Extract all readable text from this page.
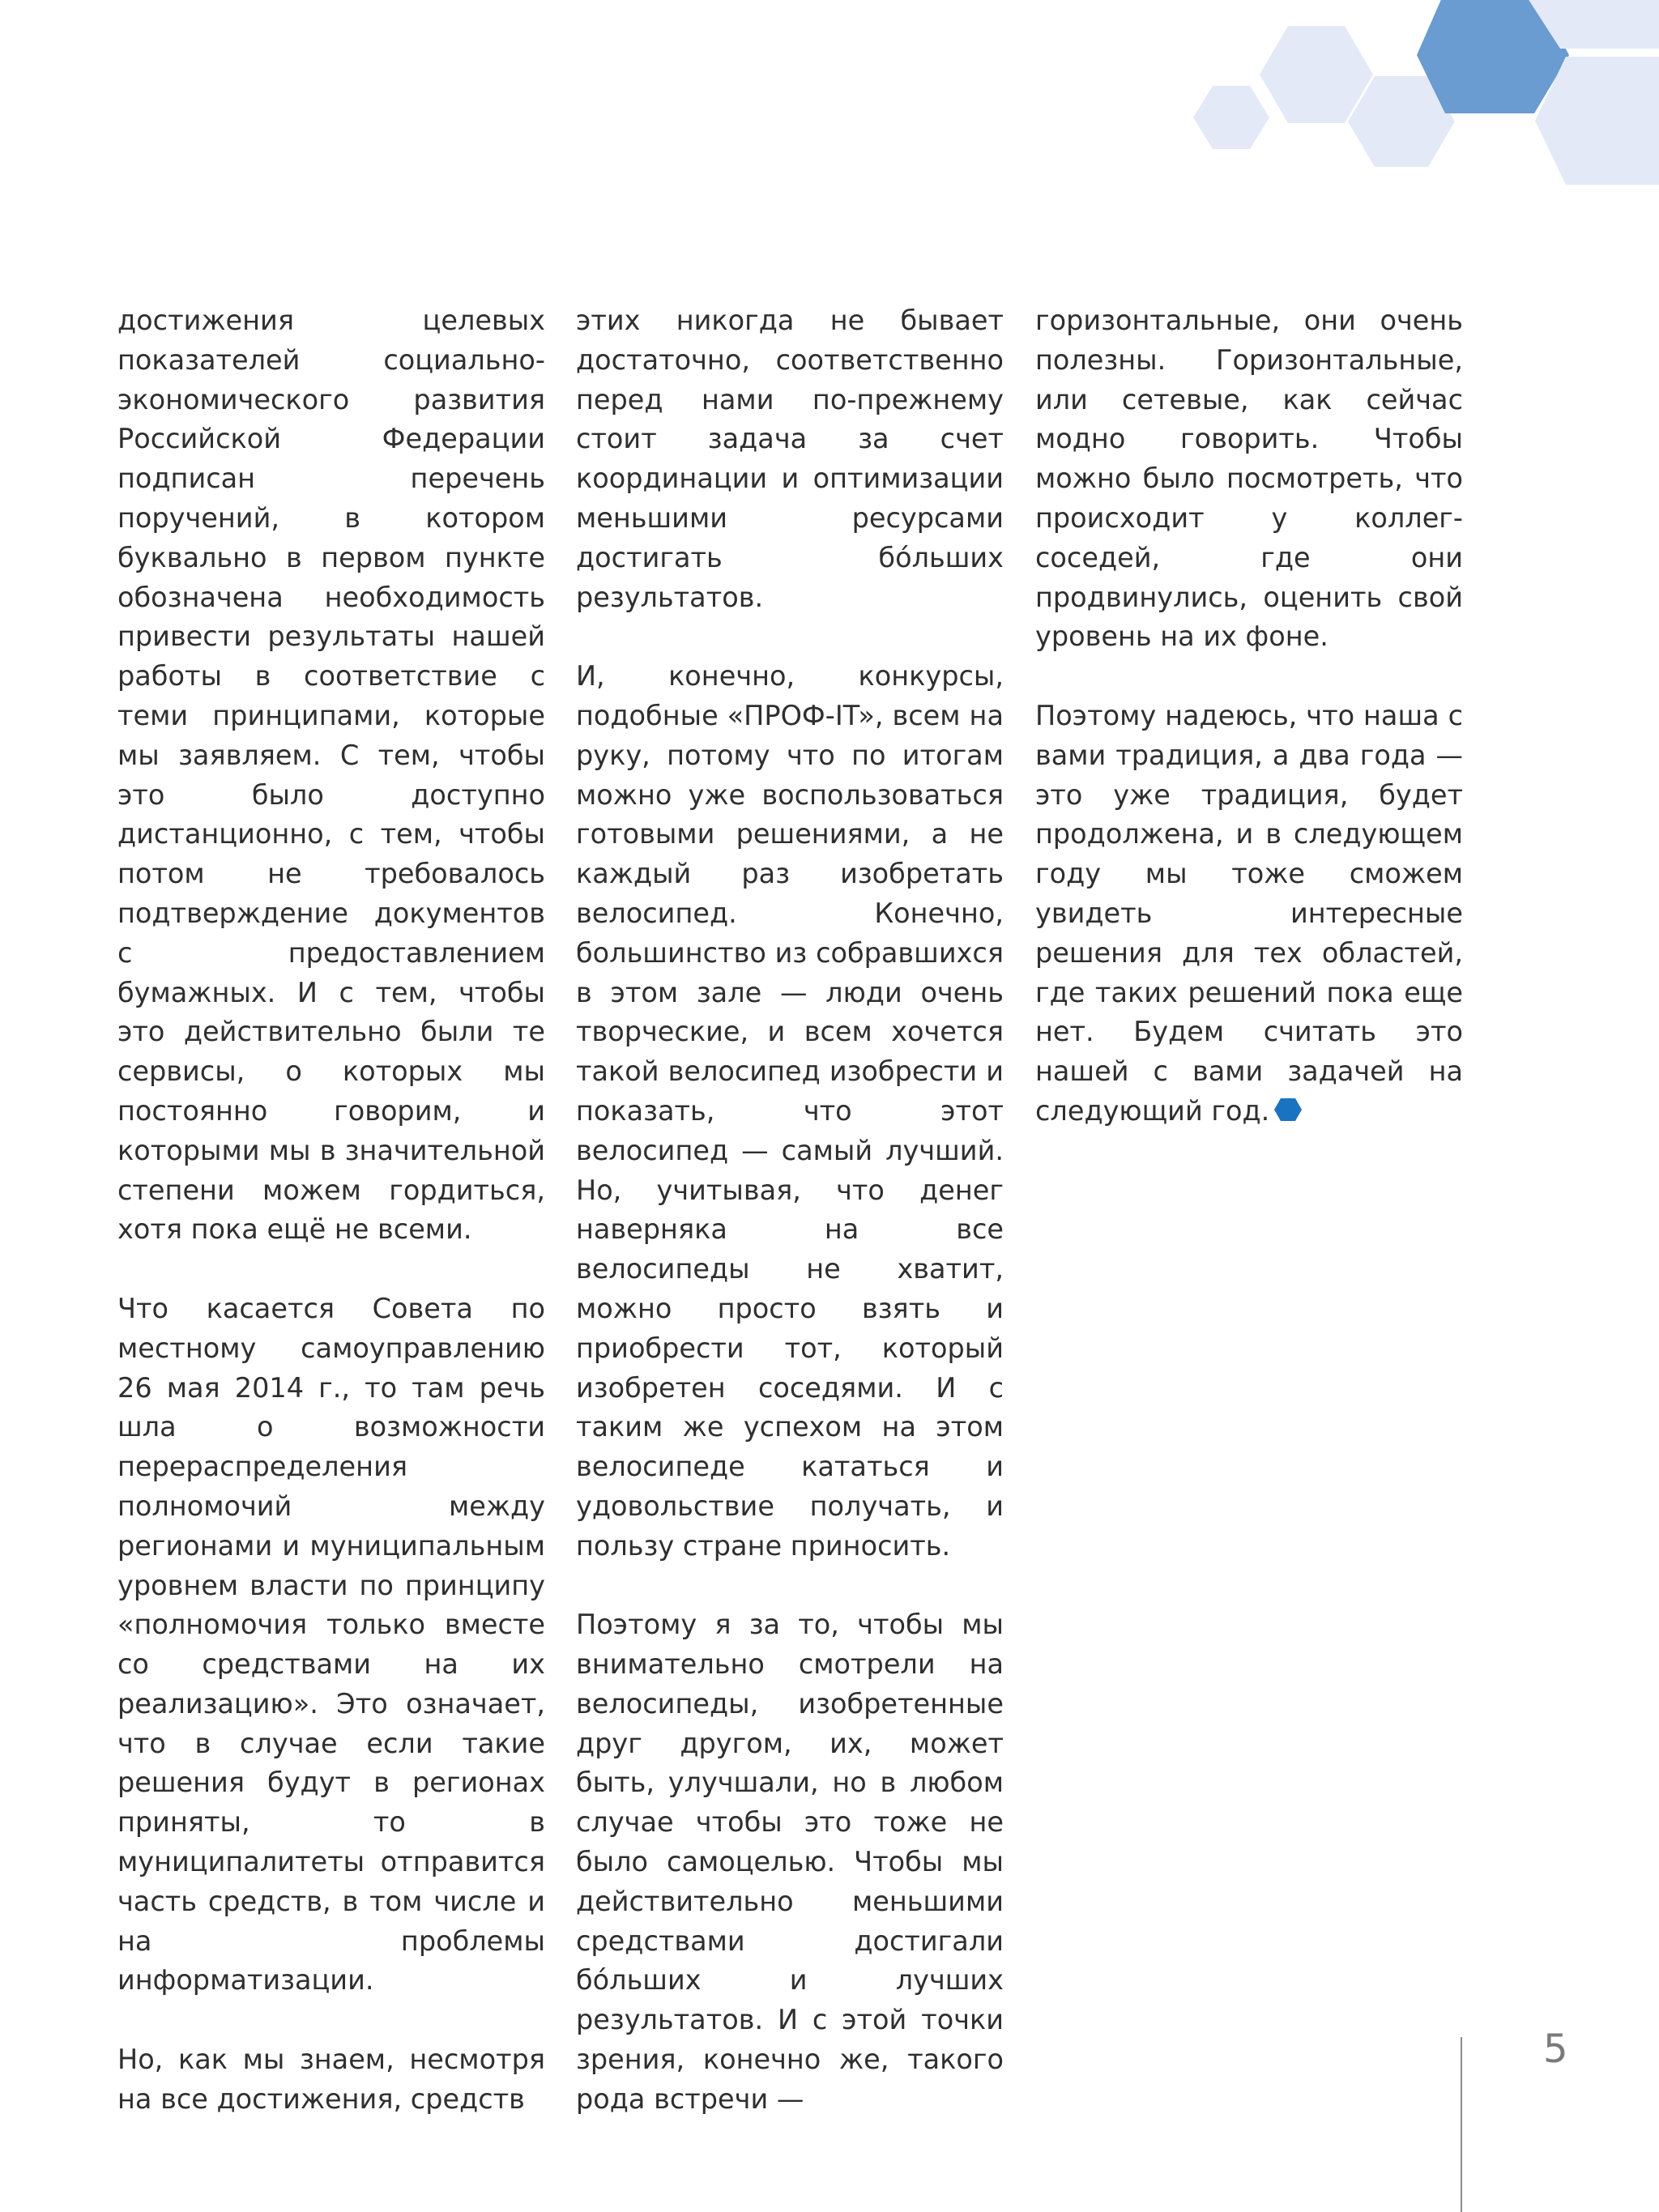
достижения целевых показателей социально-экономического развития Российской Федерации подписан перечень поручений, в котором буквально в первом пункте обозначена необходимость привести результаты нашей работы в соответствие с теми принципами, которые мы заявляем. С тем, чтобы это было доступно дистанционно, с тем, чтобы потом не требовалось подтверждение документов с предоставлением бумажных. И с тем, чтобы это действительно были те сервисы, о которых мы постоянно говорим, и которыми мы в значительной степени можем гордиться, хотя пока ещё не всеми.

Что касается Совета по местному самоуправлению 26 мая 2014 г., то там речь шла о возможности перераспределения полномочий между регионами и муниципальным уровнем власти по принципу «полномочия только вместе со средствами на их реализацию». Это означает, что в случае если такие решения будут в регионах приняты, то в муниципалитеты отправится часть средств, в том числе и на проблемы информатизации.

Но, как мы знаем, несмотря на все достижения, средств

этих никогда не бывает достаточно, соответственно перед нами по-прежнему стоит задача за счет координации и оптимизации меньшими ресурсами достигать бóльших результатов.

И, конечно, конкурсы, подобные «ПРОФ-IT», всем на руку, потому что по итогам можно уже воспользоваться готовыми решениями, а не каждый раз изобретать велосипед. Конечно, большинство из собравшихся в этом зале — люди очень творческие, и всем хочется такой велосипед изобрести и показать, что этот велосипед — самый лучший. Но, учитывая, что денег наверняка на все велосипеды не хватит, можно просто взять и приобрести тот, который изобретен соседями. И с таким же успехом на этом велосипеде кататься и удовольствие получать, и пользу стране приносить.

Поэтому я за то, чтобы мы внимательно смотрели на велосипеды, изобретенные друг другом, их, может быть, улучшали, но в любом случае чтобы это тоже не было самоцелью. Чтобы мы действительно меньшими средствами достигали бóльших и лучших результатов. И с этой точки зрения, конечно же, такого рода встречи —

горизонтальные, они очень полезны. Горизонтальные, или сетевые, как сейчас модно говорить. Чтобы можно было посмотреть, что происходит у коллег-соседей, где они продвинулись, оценить свой уровень на их фоне.

Поэтому надеюсь, что наша с вами традиция, а два года — это уже традиция, будет продолжена, и в следующем году мы тоже сможем увидеть интересные решения для тех областей, где таких решений пока еще нет. Будем считать это нашей с вами задачей на следующий год.

5
